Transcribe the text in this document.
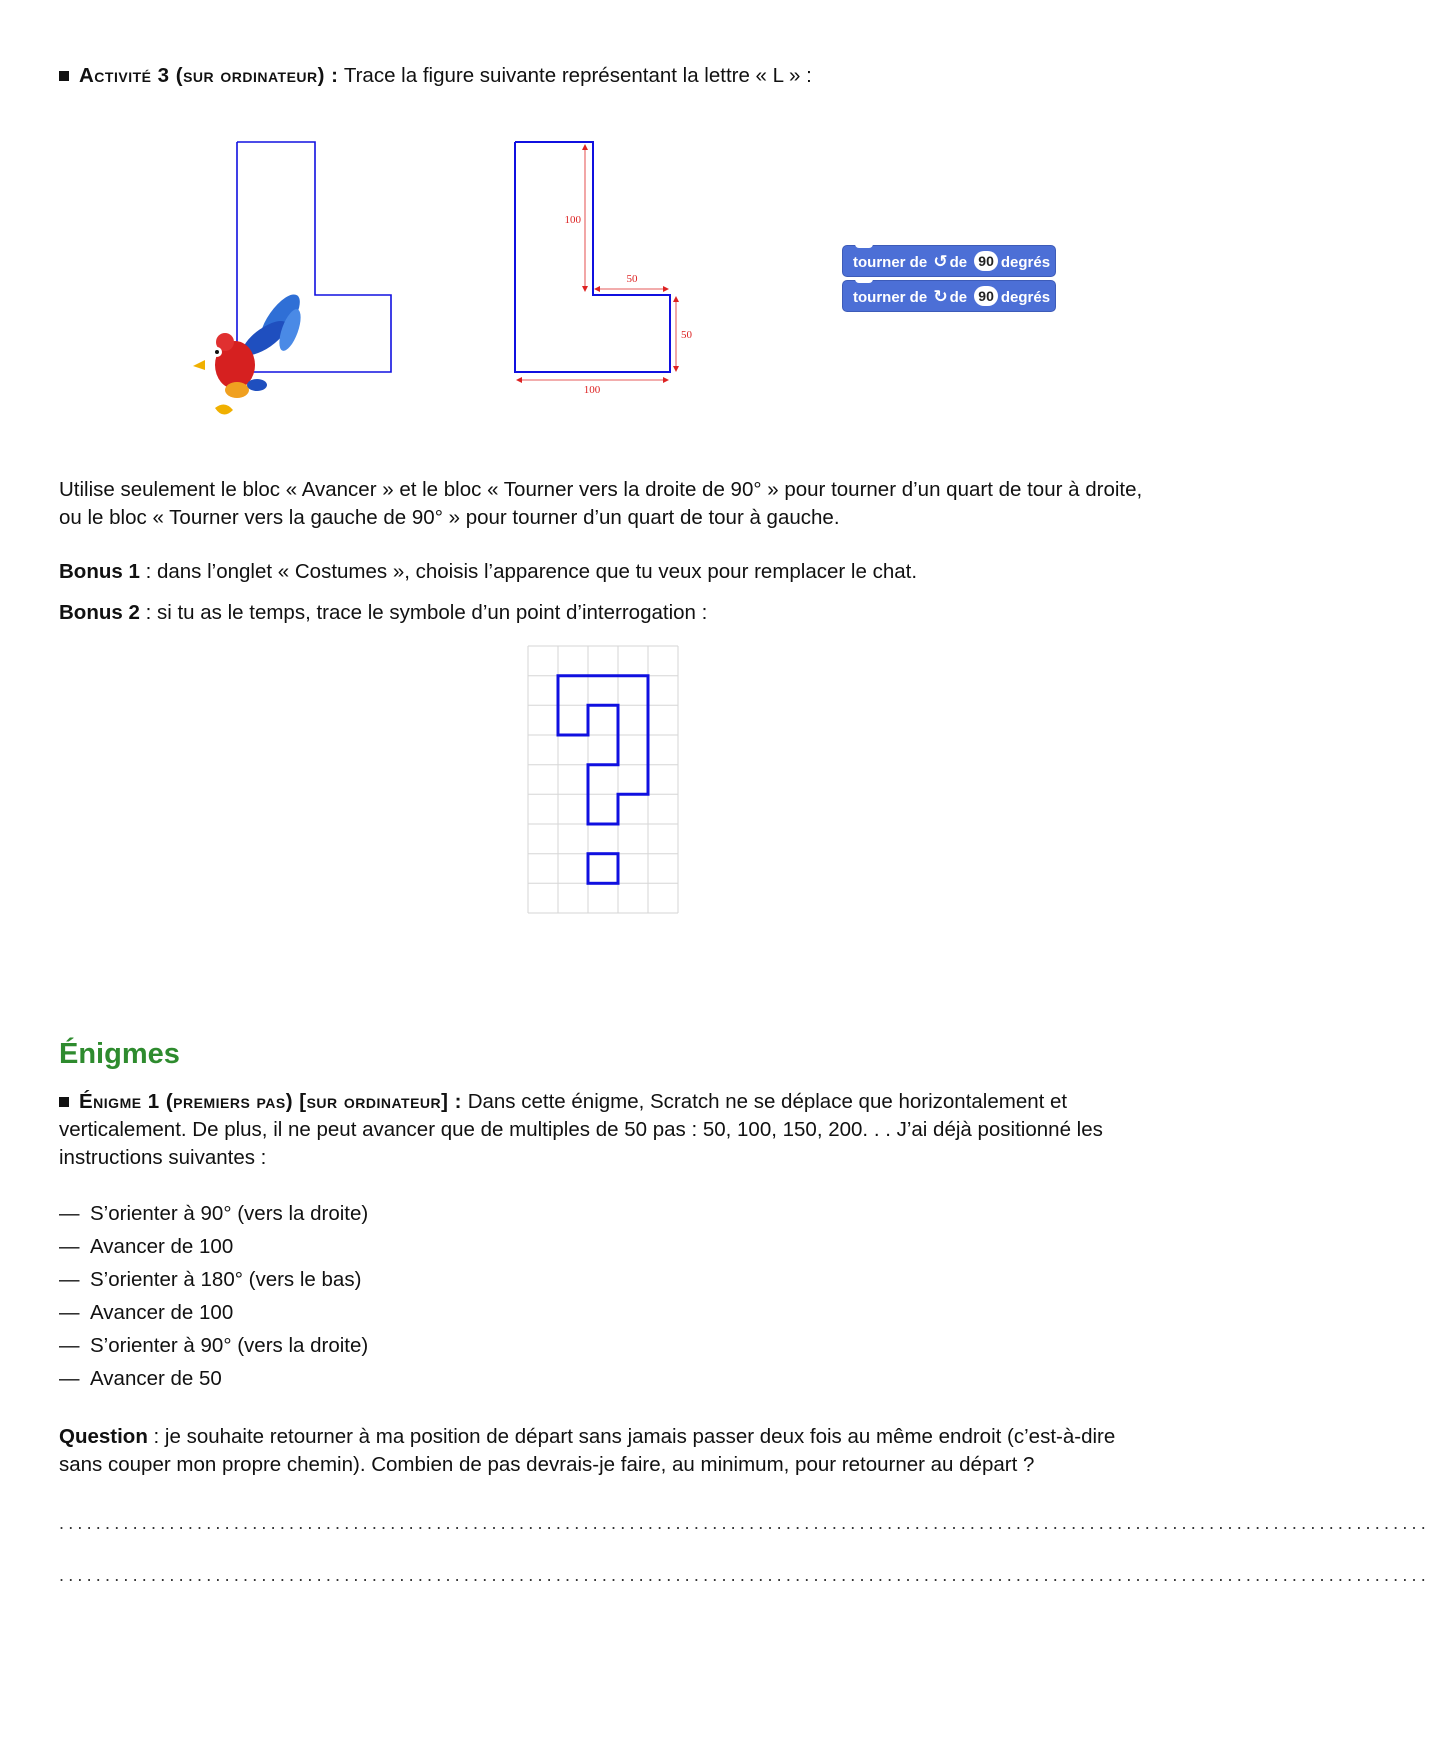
Activité 3 (sur ordinateur) : Trace la figure suivante représentant la lettre « L » :

100
50
50
100
tourner de ↺ de 90 degrés
tourner de ↻ de 90 degrés

Utilise seulement le bloc « Avancer » et le bloc « Tourner vers la droite de 90° » pour tourner d’un quart de tour à droite, ou le bloc « Tourner vers la gauche de 90° » pour tourner d’un quart de tour à gauche.

Bonus 1 : dans l’onglet « Costumes », choisis l’apparence que tu veux pour remplacer le chat.

Bonus 2 : si tu as le temps, trace le symbole d’un point d’interrogation :

Énigmes

Énigme 1 (premiers pas) [sur ordinateur] : Dans cette énigme, Scratch ne se déplace que horizontalement et verticalement. De plus, il ne peut avancer que de multiples de 50 pas : 50, 100, 150, 200. . . J’ai déjà positionné les instructions suivantes :

— S’orienter à 90° (vers la droite)
— Avancer de 100
— S’orienter à 180° (vers le bas)
— Avancer de 100
— S’orienter à 90° (vers la droite)
— Avancer de 50

Question : je souhaite retourner à ma position de départ sans jamais passer deux fois au même endroit (c’est-à-dire sans couper mon propre chemin). Combien de pas devrais-je faire, au minimum, pour retourner au départ ?

.....................................................................................................................................................
.....................................................................................................................................................
